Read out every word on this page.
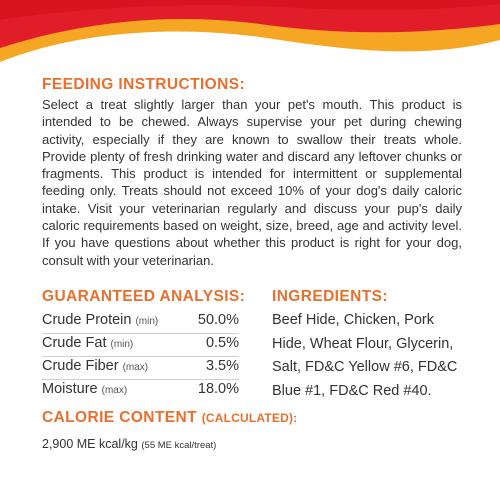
FEEDING INSTRUCTIONS:
Select a treat slightly larger than your pet's mouth. This product is intended to be chewed. Always supervise your pet during chewing activity, especially if they are known to swallow their treats whole. Provide plenty of fresh drinking water and discard any leftover chunks or fragments. This product is intended for intermittent or supplemental feeding only. Treats should not exceed 10% of your dog's daily caloric intake. Visit your veterinarian regularly and discuss your pup's daily caloric requirements based on weight, size, breed, age and activity level. If you have questions about whether this product is right for your dog, consult with your veterinarian.
GUARANTEED ANALYSIS:
Crude Protein (min)	50.0%
Crude Fat (min)	0.5%
Crude Fiber (max)	3.5%
Moisture (max)	18.0%
CALORIE CONTENT (CALCULATED):
2,900 ME kcal/kg (55 ME kcal/treat)
INGREDIENTS:
Beef Hide, Chicken, Pork Hide, Wheat Flour, Glycerin, Salt, FD&C Yellow #6, FD&C Blue #1, FD&C Red #40.
